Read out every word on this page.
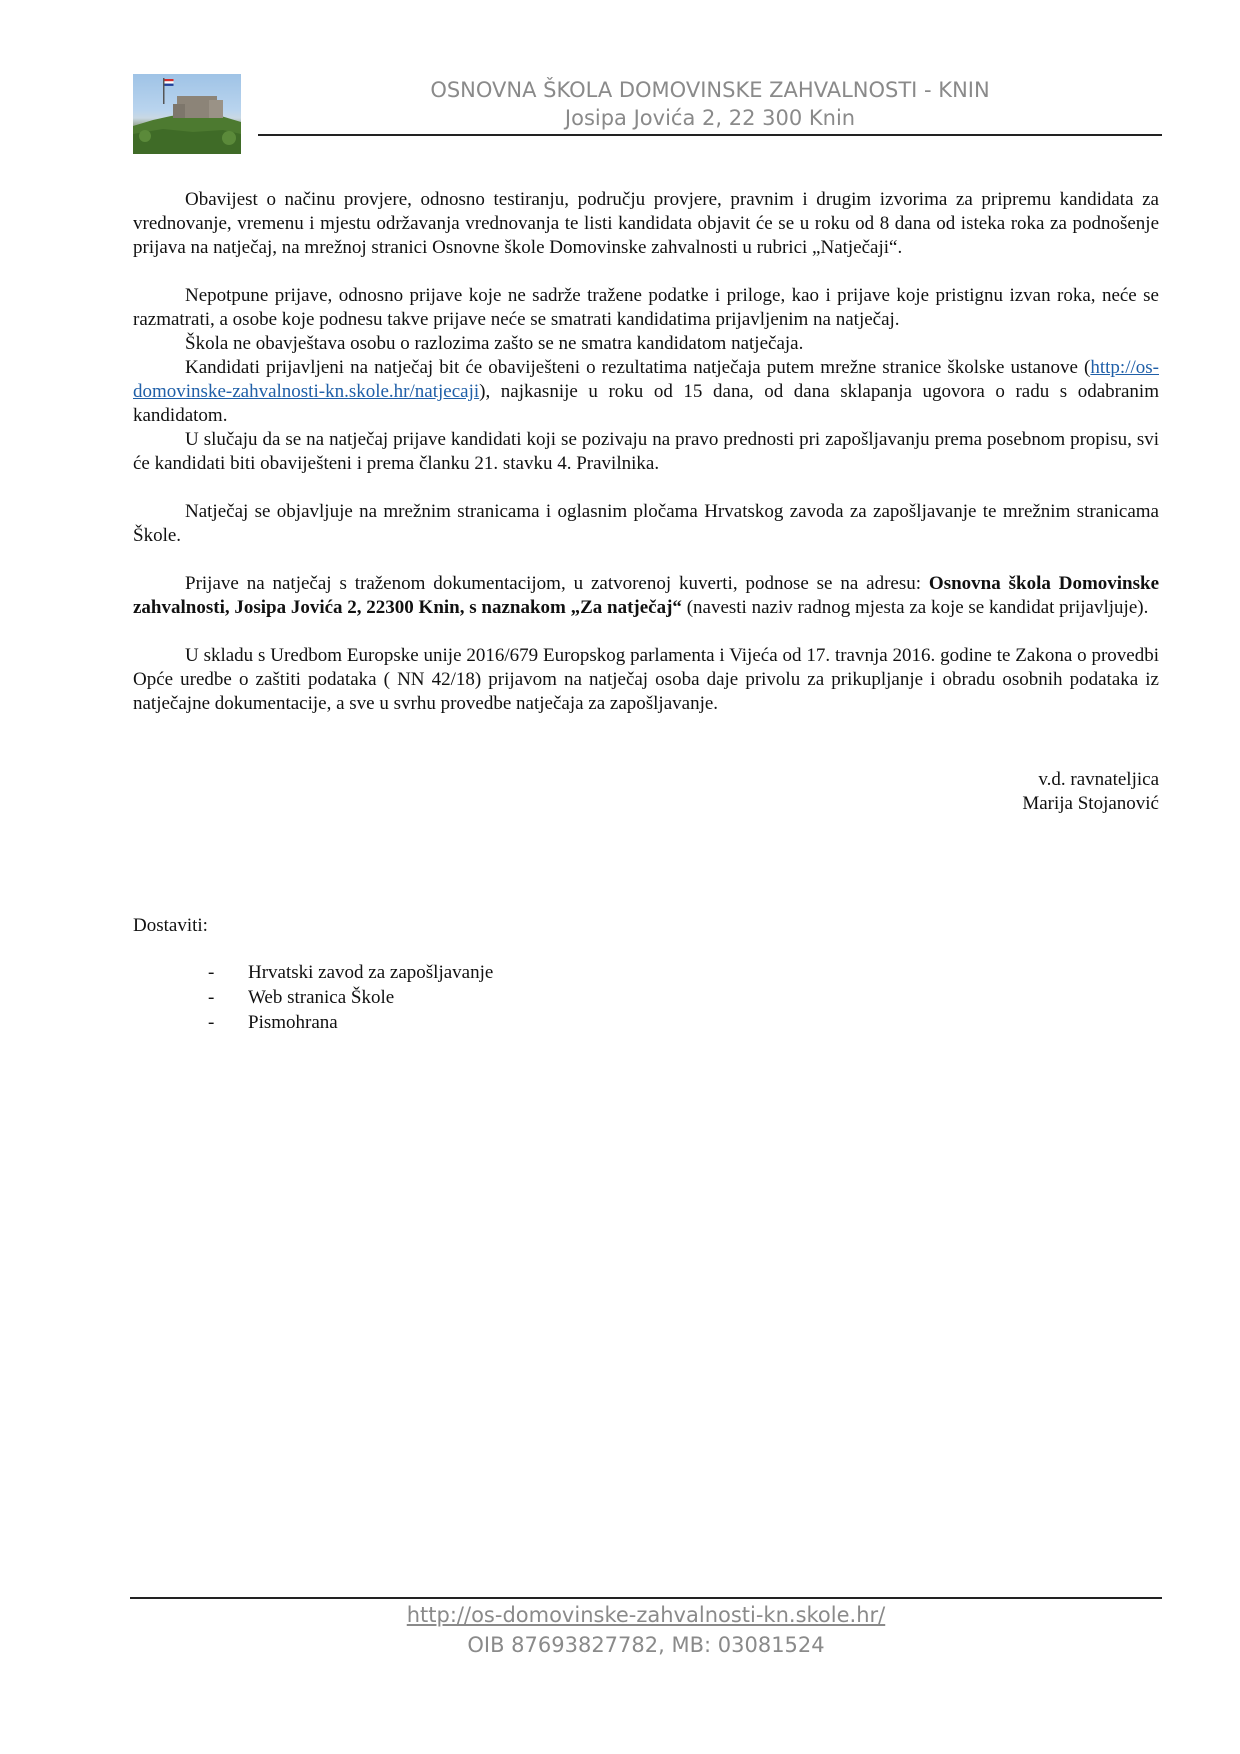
OSNOVNA ŠKOLA DOMOVINSKE ZAHVALNOSTI - KNIN
Josipa Jovića 2, 22 300 Knin

Obavijest o načinu provjere, odnosno testiranju, području provjere, pravnim i drugim izvorima za pripremu kandidata za vrednovanje, vremenu i mjestu održavanja vrednovanja te listi kandidata objavit će se u roku od 8 dana od isteka roka za podnošenje prijava na natječaj, na mrežnoj stranici Osnovne škole Domovinske zahvalnosti u rubrici „Natječaji“.

Nepotpune prijave, odnosno prijave koje ne sadrže tražene podatke i priloge, kao i prijave koje pristignu izvan roka, neće se razmatrati, a osobe koje podnesu takve prijave neće se smatrati kandidatima prijavljenim na natječaj.

Škola ne obavještava osobu o razlozima zašto se ne smatra kandidatom natječaja.

Kandidati prijavljeni na natječaj bit će obaviješteni o rezultatima natječaja putem mrežne stranice školske ustanove (http://os-domovinske-zahvalnosti-kn.skole.hr/natjecaji), najkasnije u roku od 15 dana, od dana sklapanja ugovora o radu s odabranim kandidatom.

U slučaju da se na natječaj prijave kandidati koji se pozivaju na pravo prednosti pri zapošljavanju prema posebnom propisu, svi će kandidati biti obaviješteni i prema članku 21. stavku 4. Pravilnika.

Natječaj se objavljuje na mrežnim stranicama i oglasnim pločama Hrvatskog zavoda za zapošljavanje te mrežnim stranicama Škole.

Prijave na natječaj s traženom dokumentacijom, u zatvorenoj kuverti, podnose se na adresu: Osnovna škola Domovinske zahvalnosti, Josipa Jovića 2, 22300 Knin, s naznakom „Za natječaj“ (navesti naziv radnog mjesta za koje se kandidat prijavljuje).

U skladu s Uredbom Europske unije 2016/679 Europskog parlamenta i Vijeća od 17. travnja 2016. godine te Zakona o provedbi Opće uredbe o zaštiti podataka ( NN 42/18) prijavom na natječaj osoba daje privolu za prikupljanje i obradu osobnih podataka iz natječajne dokumentacije, a sve u svrhu provedbe natječaja za zapošljavanje.

v.d. ravnateljica
Marija Stojanović
Dostaviti:
- Hrvatski zavod za zapošljavanje
- Web stranica Škole
- Pismohrana
http://os-domovinske-zahvalnosti-kn.skole.hr/
OIB 87693827782, MB: 03081524
